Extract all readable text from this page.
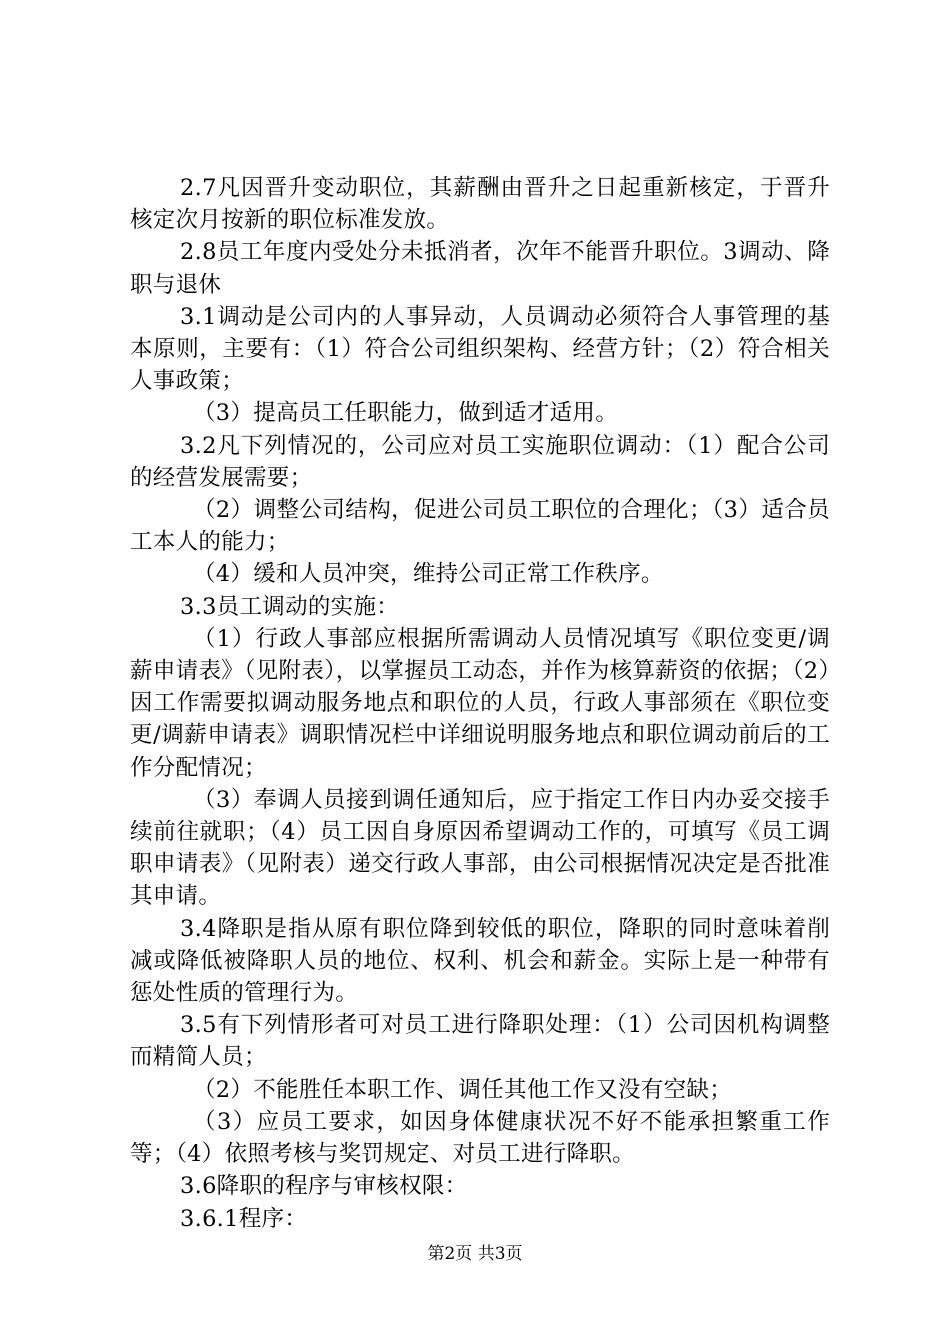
2.7凡因晋升变动职位，其薪酬由晋升之日起重新核定，于晋升核定次月按新的职位标准发放。

2.8员工年度内受处分未抵消者，次年不能晋升职位。3调动、降职与退休

3.1调动是公司内的人事异动，人员调动必须符合人事管理的基本原则，主要有：（1）符合公司组织架构、经营方针；（2）符合相关人事政策；

（3）提高员工任职能力，做到适才适用。

3.2凡下列情况的，公司应对员工实施职位调动：（1）配合公司的经营发展需要；

（2）调整公司结构，促进公司员工职位的合理化；（3）适合员工本人的能力；

（4）缓和人员冲突，维持公司正常工作秩序。

3.3员工调动的实施：

（1）行政人事部应根据所需调动人员情况填写《职位变更/调薪申请表》（见附表），以掌握员工动态，并作为核算薪资的依据；（2）因工作需要拟调动服务地点和职位的人员，行政人事部须在《职位变更/调薪申请表》调职情况栏中详细说明服务地点和职位调动前后的工作分配情况；

（3）奉调人员接到调任通知后，应于指定工作日内办妥交接手续前往就职；（4）员工因自身原因希望调动工作的，可填写《员工调职申请表》（见附表）递交行政人事部，由公司根据情况决定是否批准其申请。

3.4降职是指从原有职位降到较低的职位，降职的同时意味着削减或降低被降职人员的地位、权利、机会和薪金。实际上是一种带有惩处性质的管理行为。

3.5有下列情形者可对员工进行降职处理：（1）公司因机构调整而精简人员；

（2）不能胜任本职工作、调任其他工作又没有空缺；

（3）应员工要求，如因身体健康状况不好不能承担繁重工作等；（4）依照考核与奖罚规定、对员工进行降职。

3.6降职的程序与审核权限：

3.6.1程序：

第2页 共3页
